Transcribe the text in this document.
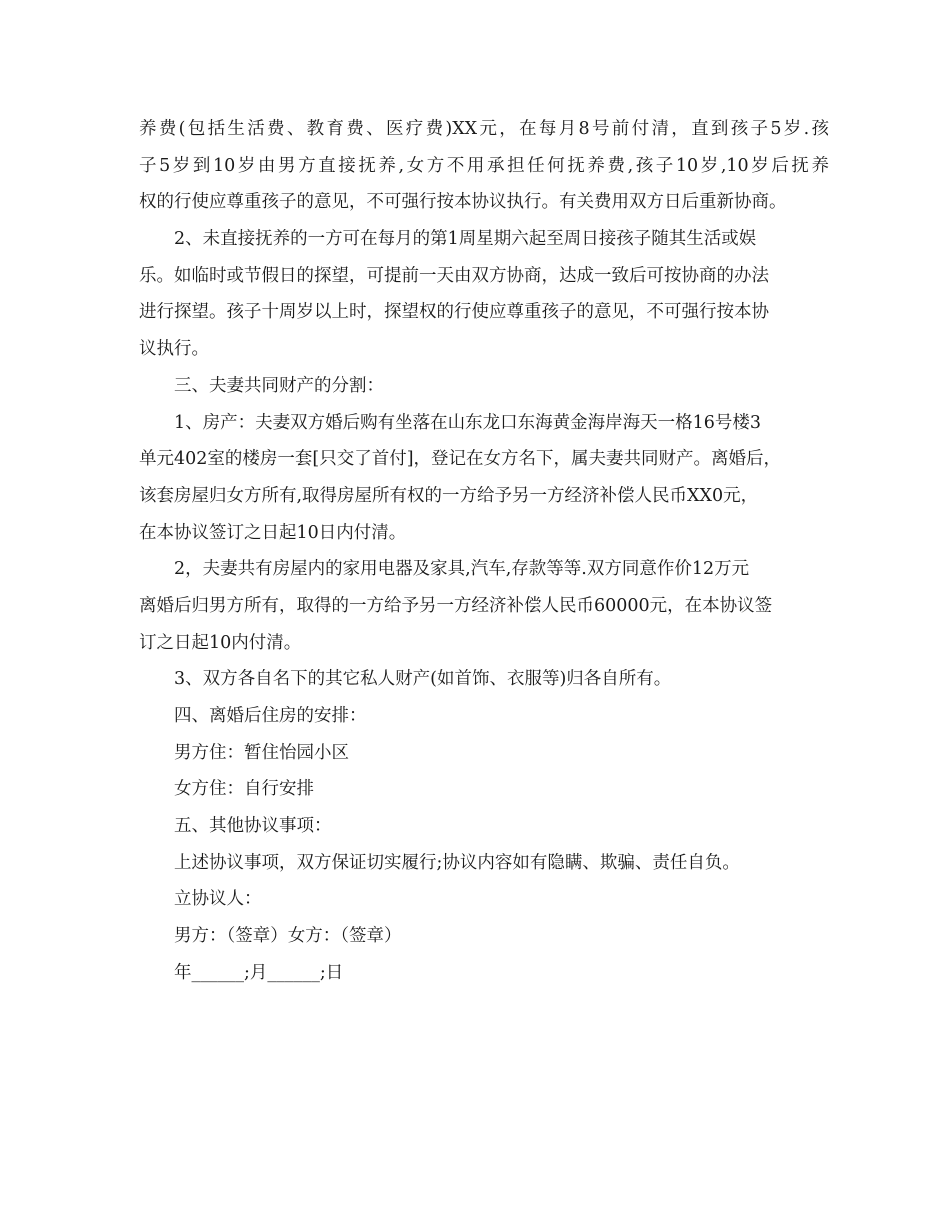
养费(包括生活费、教育费、医疗费)XX元，在每月8号前付清，直到孩子5岁.孩
子5岁到10岁由男方直接抚养,女方不用承担任何抚养费,孩子10岁,10岁后抚养
权的行使应尊重孩子的意见，不可强行按本协议执行。有关费用双方日后重新协商。
2、未直接抚养的一方可在每月的第1周星期六起至周日接孩子随其生活或娱
乐。如临时或节假日的探望，可提前一天由双方协商，达成一致后可按协商的办法
进行探望。孩子十周岁以上时，探望权的行使应尊重孩子的意见，不可强行按本协
议执行。
三、夫妻共同财产的分割：
1、房产：夫妻双方婚后购有坐落在山东龙口东海黄金海岸海天一格16号楼3
单元402室的楼房一套[只交了首付]，登记在女方名下，属夫妻共同财产。离婚后，
该套房屋归女方所有,取得房屋所有权的一方给予另一方经济补偿人民币XX0元，
在本协议签订之日起10日内付清。
2，夫妻共有房屋内的家用电器及家具,汽车,存款等等.双方同意作价12万元
离婚后归男方所有，取得的一方给予另一方经济补偿人民币60000元，在本协议签
订之日起10内付清。
3、双方各自名下的其它私人财产(如首饰、衣服等)归各自所有。
四、离婚后住房的安排：
男方住：暂住怡园小区
女方住：自行安排
五、其他协议事项：
上述协议事项，双方保证切实履行;协议内容如有隐瞒、欺骗、责任自负。
立协议人：
男方：（签章）女方：（签章）
年______;月______;日
